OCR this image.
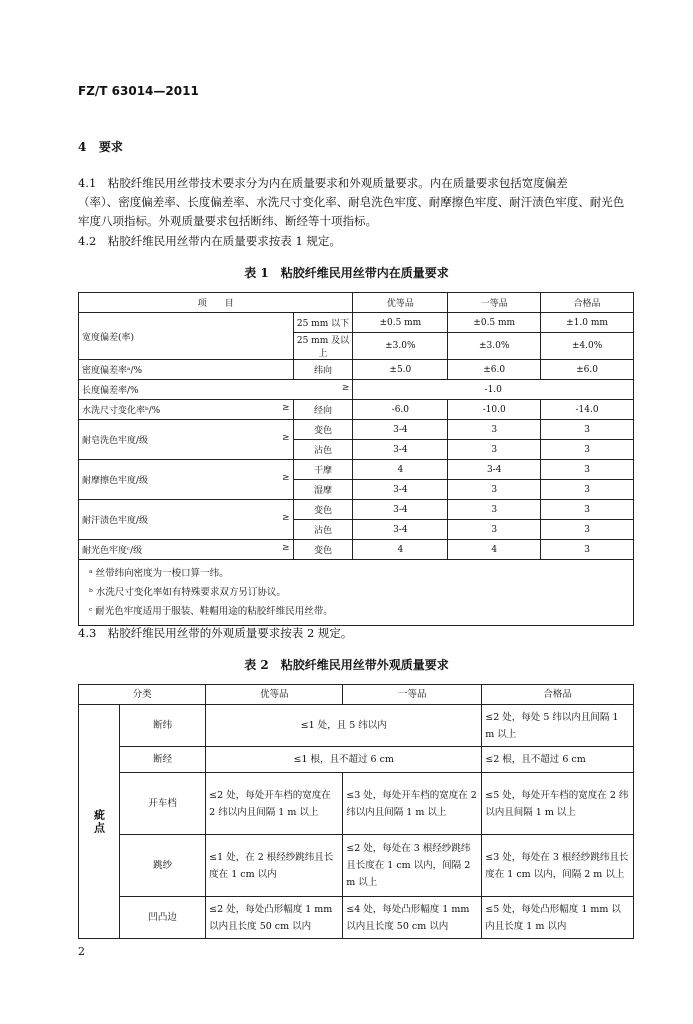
FZ/T 63014—2011
4 要求
4.1　粘胶纤维民用丝带技术要求分为内在质量要求和外观质量要求。内在质量要求包括宽度偏差
（率）、密度偏差率、长度偏差率、水洗尺寸变化率、耐皂洗色牢度、耐摩擦色牢度、耐汗渍色牢度、耐光色
牢度八项指标。外观质量要求包括断纬、断经等十项指标。
4.2　粘胶纤维民用丝带内在质量要求按表 1 规定。
表 1　粘胶纤维民用丝带内在质量要求
项　　目		优等品	一等品	合格品
宽度偏差(率)	25 mm 以下	±0.5 mm	±0.5 mm	±1.0 mm
	25 mm 及以上	±3.0%	±3.0%	±4.0%
密度偏差率ᵃ/%	纬向	±5.0	±6.0	±6.0
长度偏差率/% ≥		-1.0		
水洗尺寸变化率ᵇ/% ≥	经向	-6.0	-10.0	-14.0
耐皂洗色牢度/级 ≥	变色	3-4	3	3
	沾色	3-4	3	3
耐摩擦色牢度/级 ≥	干摩	4	3-4	3
	湿摩	3-4	3	3
耐汗渍色牢度/级 ≥	变色	3-4	3	3
	沾色	3-4	3	3
耐光色牢度ᶜ/级 ≥	变色	4	4	3

ᵃ 丝带纬向密度为一梭口算一纬。
ᵇ 水洗尺寸变化率如有特殊要求双方另订协议。
ᶜ 耐光色牢度适用于服装、鞋帽用途的粘胶纤维民用丝带。				
4.3　粘胶纤维民用丝带的外观质量要求按表 2 规定。
表 2　粘胶纤维民用丝带外观质量要求
分类		优等品	一等品	合格品
疵点	断纬	≤1 处，且 5 纬以内		≤2 处，每处 5 纬以内且间隔 1 m 以上
	断经	≤1 根，且不超过 6 cm		≤2 根，且不超过 6 cm
	开车档	≤2 处，每处开车档的宽度在 2 纬以内且间隔 1 m 以上	≤3 处，每处开车档的宽度在 2 纬以内且间隔 1 m 以上	≤5 处，每处开车档的宽度在 2 纬以内且间隔 1 m 以上
	跳纱	≤1 处，在 2 根经纱跳纬且长度在 1 cm 以内	≤2 处，每处在 3 根经纱跳纬且长度在 1 cm 以内，间隔 2 m 以上	≤3 处，每处在 3 根经纱跳纬且长度在 1 cm 以内，间隔 2 m 以上
	凹凸边	≤2 处，每处凸形幅度 1 mm 以内且长度 50 cm 以内	≤4 处，每处凸形幅度 1 mm 以内且长度 50 cm 以内	≤5 处，每处凸形幅度 1 mm 以内且长度 1 m 以内
2
